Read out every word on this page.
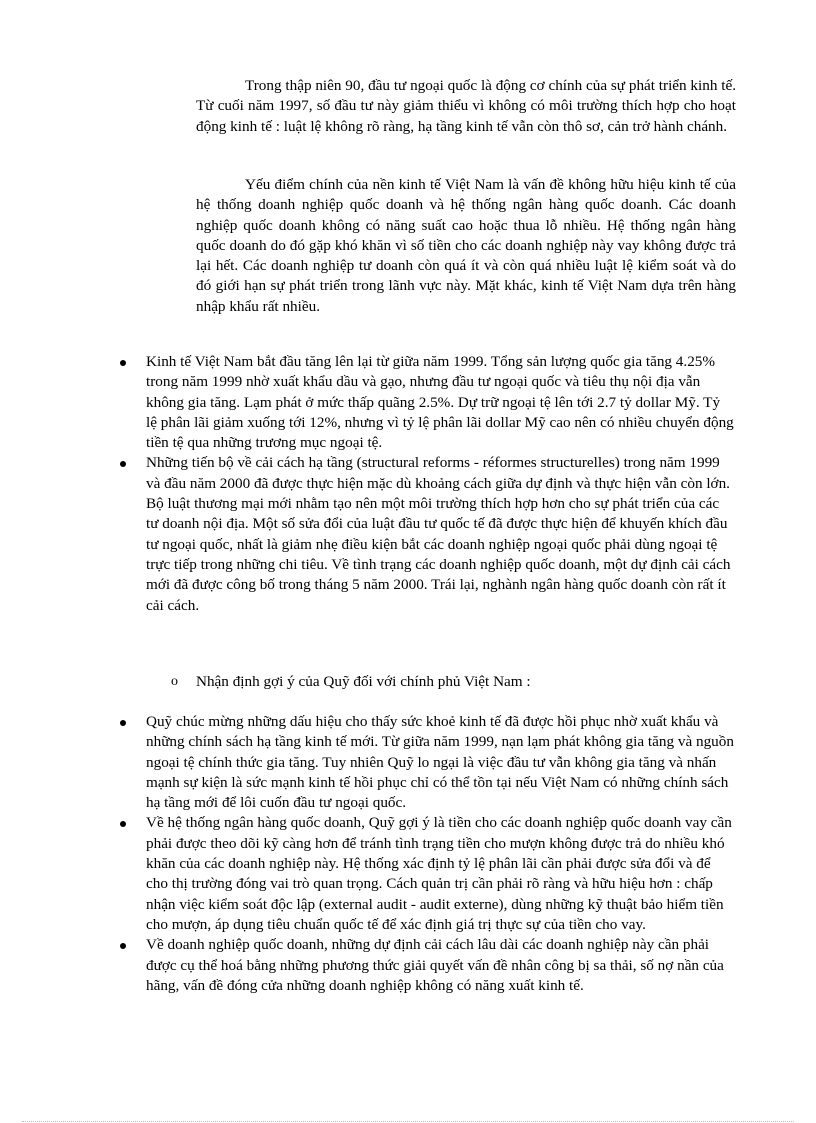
Trong thập niên 90, đầu tư ngoại quốc là động cơ chính của sự phát triển kinh tế. Từ cuối năm 1997, số đầu tư này giảm thiểu vì không có môi trường thích hợp cho hoạt động kinh tế : luật lệ không rõ ràng, hạ tầng kinh tế vẫn còn thô sơ, cản trở hành chánh.

Yếu điểm chính của nền kinh tế Việt Nam là vấn đề không hữu hiệu kinh tế của hệ thống doanh nghiệp quốc doanh và hệ thống ngân hàng quốc doanh. Các doanh nghiệp quốc doanh không có năng suất cao hoặc thua lỗ nhiều. Hệ thống ngân hàng quốc doanh do đó gặp khó khăn vì số tiền cho các doanh nghiệp này vay không được trả lại hết. Các doanh nghiệp tư doanh còn quá ít và còn quá nhiều luật lệ kiểm soát và do đó giới hạn sự phát triển trong lãnh vực này. Mặt khác, kinh tế Việt Nam dựa trên hàng nhập khẩu rất nhiều.

Kinh tế Việt Nam bắt đầu tăng lên lại từ giữa năm 1999. Tổng sản lượng quốc gia tăng 4.25% trong năm 1999 nhờ xuất khẩu dầu và gạo, nhưng đầu tư ngoại quốc và tiêu thụ nội địa vẫn không gia tăng. Lạm phát ở mức thấp quãng 2.5%. Dự trữ ngoại tệ lên tới 2.7 tỷ dollar Mỹ. Tỷ lệ phân lãi giảm xuống tới 12%, nhưng vì tỷ lệ phân lãi dollar Mỹ cao nên có nhiều chuyển động tiền tệ qua những trương mục ngoại tệ.
Những tiến bộ về cải cách hạ tầng (structural reforms - réformes structurelles) trong năm 1999 và đầu năm 2000 đã được thực hiện mặc dù khoảng cách giữa dự định và thực hiện vẫn còn lớn. Bộ luật thương mại mới nhằm tạo nên một môi trường thích hợp hơn cho sự phát triển của các tư doanh nội địa. Một số sửa đổi của luật đầu tư quốc tế đã được thực hiện để khuyến khích đầu tư ngoại quốc, nhất là giảm nhẹ điều kiện bắt các doanh nghiệp ngoại quốc phải dùng ngoại tệ trực tiếp trong những chi tiêu. Về tình trạng các doanh nghiệp quốc doanh, một dự định cải cách mới đã được công bố trong tháng 5 năm 2000. Trái lại, nghành ngân hàng quốc doanh còn rất ít cải cách.

o Nhận định gợi ý của Quỹ đối với chính phủ Việt Nam :

Quỹ chúc mừng những dấu hiệu cho thấy sức khoẻ kinh tế đã được hồi phục nhờ xuất khẩu và những chính sách hạ tầng kinh tế mới. Từ giữa năm 1999, nạn lạm phát không gia tăng và nguồn ngoại tệ chính thức gia tăng. Tuy nhiên Quỹ lo ngại là việc đầu tư vẫn không gia tăng và nhấn mạnh sự kiện là sức mạnh kinh tế hồi phục chỉ có thể tồn tại nếu Việt Nam có những chính sách hạ tầng mới để lôi cuốn đầu tư ngoại quốc.
Về hệ thống ngân hàng quốc doanh, Quỹ gợi ý là tiền cho các doanh nghiệp quốc doanh vay cần phải được theo dõi kỹ càng hơn để tránh tình trạng tiền cho mượn không được trả do nhiều khó khăn của các doanh nghiệp này. Hệ thống xác định tỷ lệ phân lãi cần phải được sửa đổi và để cho thị trường đóng vai trò quan trọng. Cách quản trị cần phải rõ ràng và hữu hiệu hơn : chấp nhận việc kiểm soát độc lập (external audit - audit externe), dùng những kỹ thuật bảo hiểm tiền cho mượn, áp dụng tiêu chuẩn quốc tế để xác định giá trị thực sự của tiền cho vay.
Về doanh nghiệp quốc doanh, những dự định cải cách lâu dài các doanh nghiệp này cần phải được cụ thể hoá bằng những phương thức giải quyết vấn đề nhân công bị sa thải, số nợ nần của hãng, vấn đề đóng cửa những doanh nghiệp không có năng xuất kinh tế.
